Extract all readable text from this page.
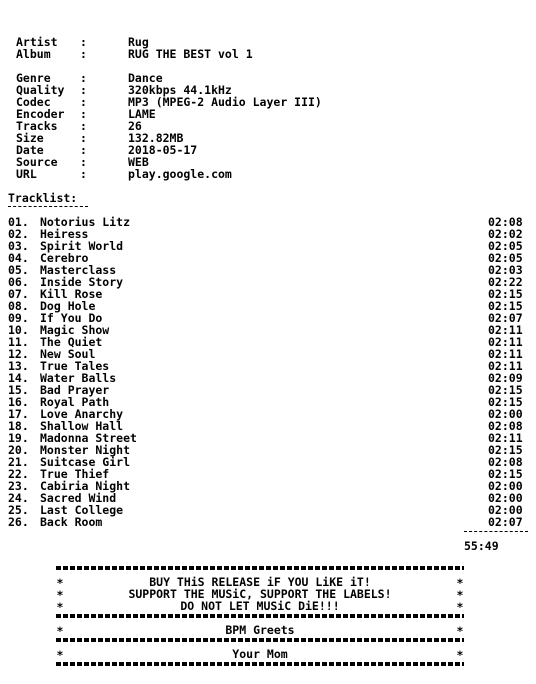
Artist :	Rug
Album	:	RUG THE BEST vol 1
Genre	:	Dance
Quality :	320kbps 44.1kHz
Codec	:	MP3 (MPEG-2 Audio Layer III)
Encoder :	LAME
Tracks :	26
Size	:	132.82MB
Date	:	2018-05-17
Source :	WEB
URL	:	play.google.com
Tracklist:
01. Notorius Litz	02:08
02. Heiress	02:02
03. Spirit World	02:05
04. Cerebro	02:05
05. Masterclass	02:03
06. Inside Story	02:22
07. Kill Rose	02:15
08. Dog Hole	02:15
09. If You Do	02:07
10. Magic Show	02:11
11. The Quiet	02:11
12. New Soul	02:11
13. True Tales	02:11
14. Water Balls	02:09
15. Bad Prayer	02:15
16. Royal Path	02:15
17. Love Anarchy	02:00
18. Shallow Hall	02:08
19. Madonna Street	02:11
20. Monster Night	02:15
21. Suitcase Girl	02:08
22. True Thief	02:15
23. Cabiria Night	02:00
24. Sacred Wind	02:00
25. Last College	02:00
26. Back Room	02:07
55:49
*	BUY THiS RELEASE iF YOU LiKE iT!	*
*	SUPPORT THE MUSiC, SUPPORT THE LABELS!	*
*	DO NOT LET MUSiC DiE!!!	*
*	BPM Greets	*
*	Your Mom	*
